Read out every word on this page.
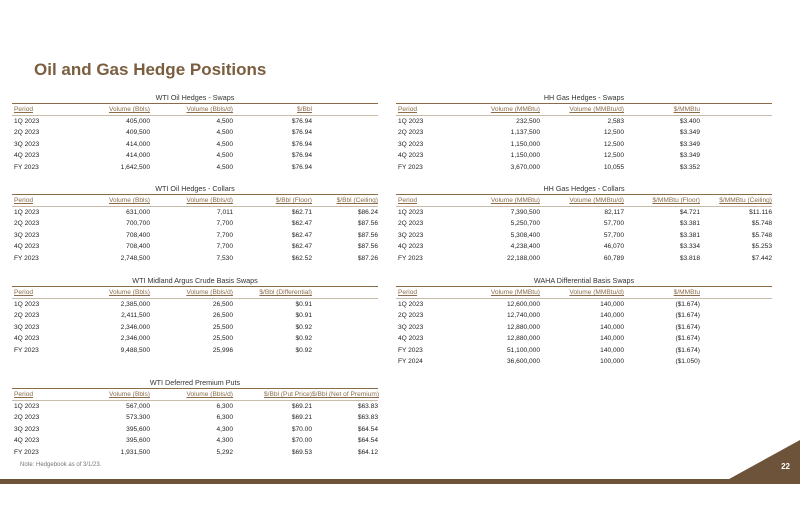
Oil and Gas Hedge Positions
WTI Oil Hedges - Swaps
Period	Volume (Bbls)	Volume (Bbls/d)	$/Bbl
1Q 2023	405,000	4,500	$76.94
2Q 2023	409,500	4,500	$76.94
3Q 2023	414,000	4,500	$76.94
4Q 2023	414,000	4,500	$76.94
FY 2023	1,642,500	4,500	$76.94
HH Gas Hedges - Swaps
Period	Volume (MMBtu)	Volume (MMBtu/d)	$/MMBtu
1Q 2023	232,500	2,583	$3.400
2Q 2023	1,137,500	12,500	$3.349
3Q 2023	1,150,000	12,500	$3.349
4Q 2023	1,150,000	12,500	$3.349
FY 2023	3,670,000	10,055	$3.352
WTI Oil Hedges - Collars
Period	Volume (Bbls)	Volume (Bbls/d)	$/Bbl (Floor)	$/Bbl (Ceiling)
1Q 2023	631,000	7,011	$62.71	$86.24
2Q 2023	700,700	7,700	$62.47	$87.56
3Q 2023	708,400	7,700	$62.47	$87.56
4Q 2023	708,400	7,700	$62.47	$87.56
FY 2023	2,748,500	7,530	$62.52	$87.26
HH Gas Hedges - Collars
Period	Volume (MMBtu)	Volume (MMBtu/d)	$/MMBtu (Floor)	$/MMBtu (Ceiling)
1Q 2023	7,390,500	82,117	$4.721	$11.116
2Q 2023	5,250,700	57,700	$3.381	$5.748
3Q 2023	5,308,400	57,700	$3.381	$5.748
4Q 2023	4,238,400	46,070	$3.334	$5.253
FY 2023	22,188,000	60,789	$3.818	$7.442
WTI Midland Argus Crude Basis Swaps
Period	Volume (Bbls)	Volume (Bbls/d)	$/Bbl (Differential)
1Q 2023	2,385,000	26,500	$0.91
2Q 2023	2,411,500	26,500	$0.91
3Q 2023	2,346,000	25,500	$0.92
4Q 2023	2,346,000	25,500	$0.92
FY 2023	9,488,500	25,996	$0.92
WAHA Differential Basis Swaps
Period	Volume (MMBtu)	Volume (MMBtu/d)	$/MMBtu
1Q 2023	12,600,000	140,000	($1.674)
2Q 2023	12,740,000	140,000	($1.674)
3Q 2023	12,880,000	140,000	($1.674)
4Q 2023	12,880,000	140,000	($1.674)
FY 2023	51,100,000	140,000	($1.674)
FY 2024	36,600,000	100,000	($1.050)
WTI Deferred Premium Puts
Period	Volume (Bbls)	Volume (Bbls/d)	$/Bbl (Put Price) $/Bbl (Net of Premium)
1Q 2023	567,000	6,300	$69.21	$63.83
2Q 2023	573,300	6,300	$69.21	$63.83
3Q 2023	395,600	4,300	$70.00	$64.54
4Q 2023	395,600	4,300	$70.00	$64.54
FY 2023	1,931,500	5,292	$69.53	$64.12
Note: Hedgebook as of 3/1/23.	22
